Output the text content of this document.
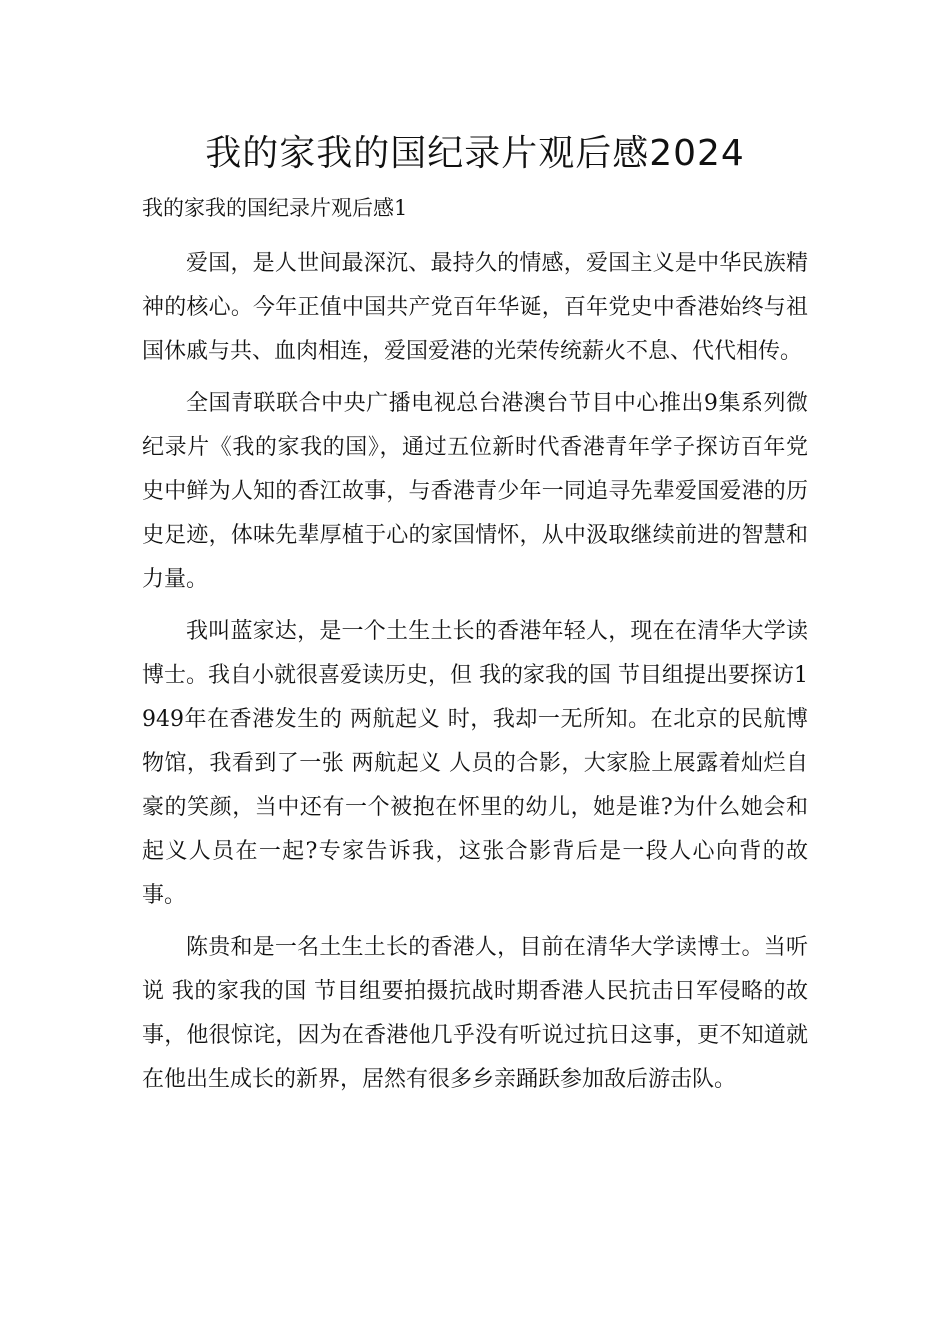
我的家我的国纪录片观后感2024
我的家我的国纪录片观后感1

爱国，是人世间最深沉、最持久的情感，爱国主义是中华民族精神的核心。今年正值中国共产党百年华诞，百年党史中香港始终与祖国休戚与共、血肉相连，爱国爱港的光荣传统薪火不息、代代相传。

全国青联联合中央广播电视总台港澳台节目中心推出9集系列微纪录片《我的家我的国》，通过五位新时代香港青年学子探访百年党史中鲜为人知的香江故事，与香港青少年一同追寻先辈爱国爱港的历史足迹，体味先辈厚植于心的家国情怀，从中汲取继续前进的智慧和力量。

我叫蓝家达，是一个土生土长的香港年轻人，现在在清华大学读博士。我自小就很喜爱读历史，但 我的家我的国 节目组提出要探访1949年在香港发生的 两航起义 时，我却一无所知。在北京的民航博物馆，我看到了一张 两航起义 人员的合影，大家脸上展露着灿烂自豪的笑颜，当中还有一个被抱在怀里的幼儿，她是谁?为什么她会和起义人员在一起?专家告诉我，这张合影背后是一段人心向背的故事。

陈贵和是一名土生土长的香港人，目前在清华大学读博士。当听说 我的家我的国 节目组要拍摄抗战时期香港人民抗击日军侵略的故事，他很惊诧，因为在香港他几乎没有听说过抗日这事，更不知道就在他出生成长的新界，居然有很多乡亲踊跃参加敌后游击队。
